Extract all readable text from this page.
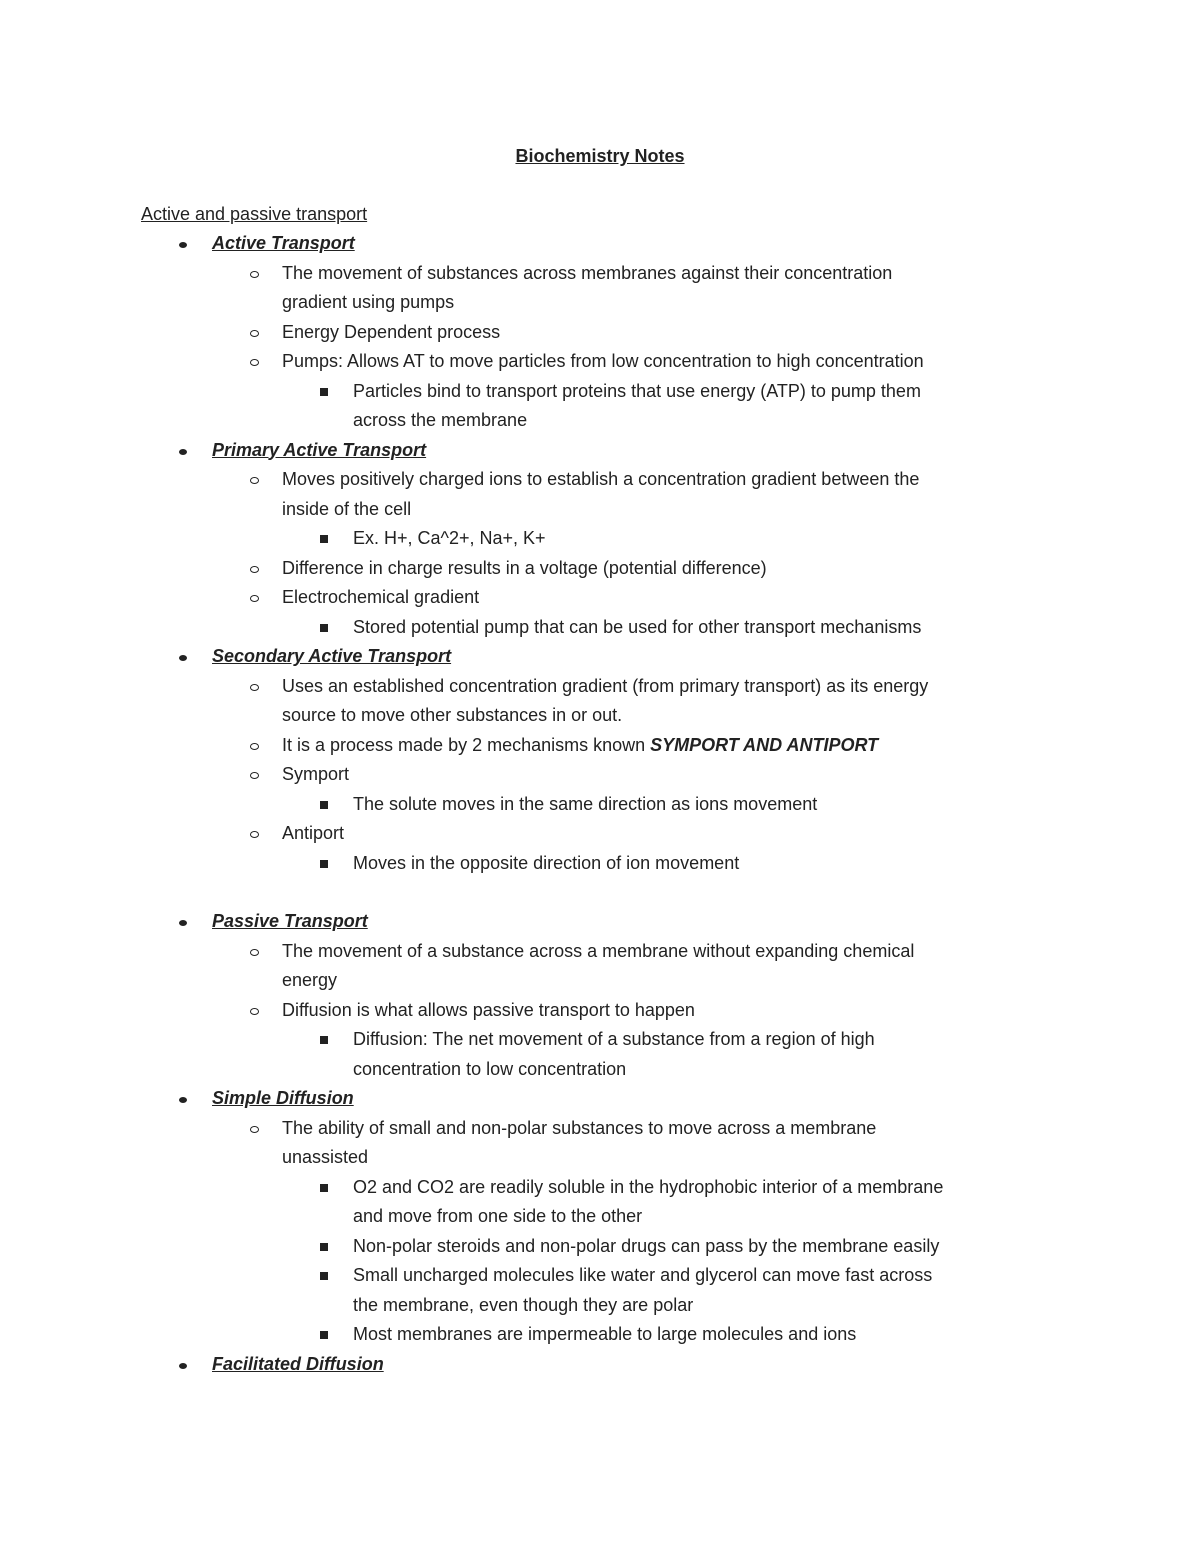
Biochemistry Notes
Active and passive transport
Active Transport
The movement of substances across membranes against their concentration
gradient using pumps
Energy Dependent process
Pumps: Allows AT to move particles from low concentration to high concentration
Particles bind to transport proteins that use energy (ATP) to pump them
across the membrane
Primary Active Transport
Moves positively charged ions to establish a concentration gradient between the
inside of the cell
Ex. H+, Ca^2+, Na+, K+
Difference in charge results in a voltage (potential difference)
Electrochemical gradient
Stored potential pump that can be used for other transport mechanisms
Secondary Active Transport
Uses an established concentration gradient (from primary transport) as its energy
source to move other substances in or out.
It is a process made by 2 mechanisms known SYMPORT AND ANTIPORT
Symport
The solute moves in the same direction as ions movement
Antiport
Moves in the opposite direction of ion movement
Passive Transport
The movement of a substance across a membrane without expanding chemical
energy
Diffusion is what allows passive transport to happen
Diffusion: The net movement of a substance from a region of high
concentration to low concentration
Simple Diffusion
The ability of small and non-polar substances to move across a membrane
unassisted
O2 and CO2 are readily soluble in the hydrophobic interior of a membrane
and move from one side to the other
Non-polar steroids and non-polar drugs can pass by the membrane easily
Small uncharged molecules like water and glycerol can move fast across
the membrane, even though they are polar
Most membranes are impermeable to large molecules and ions
Facilitated Diffusion
